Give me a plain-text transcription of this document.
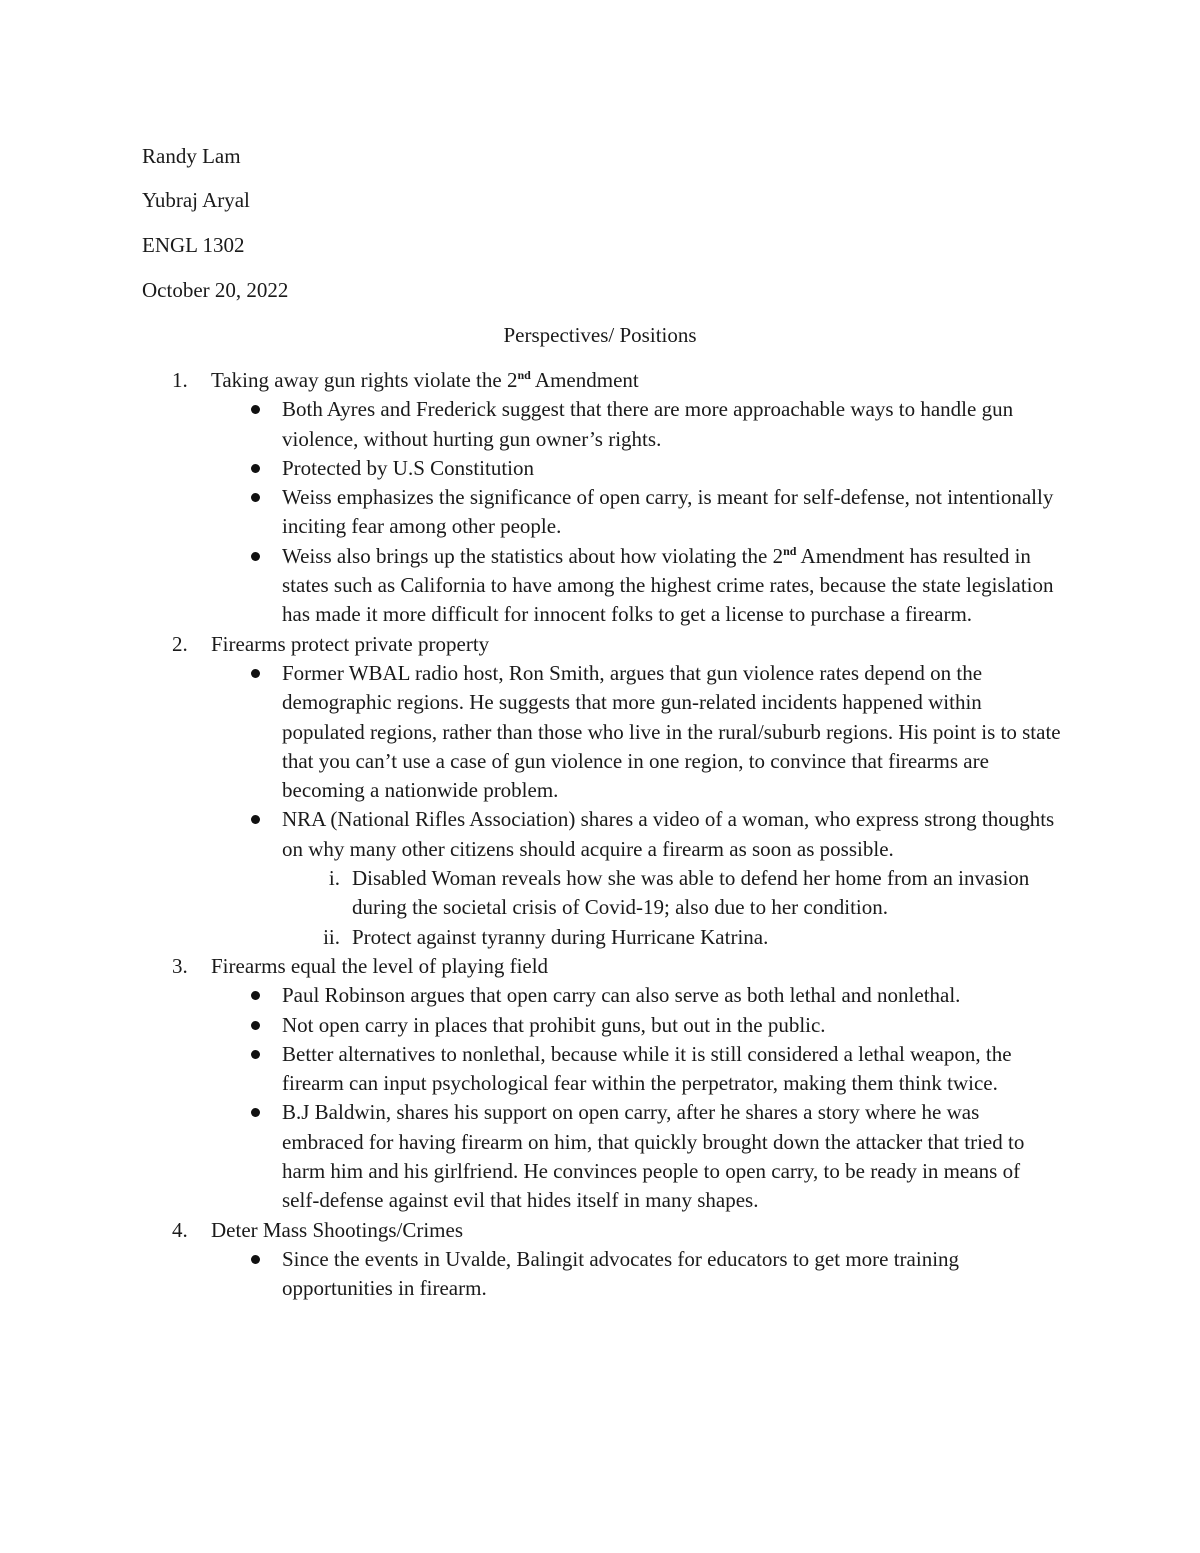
Randy Lam
Yubraj Aryal
ENGL 1302
October 20, 2022
Perspectives/ Positions
1.	Taking away gun rights violate the 2nd Amendment
Both Ayres and Frederick suggest that there are more approachable ways to handle gun violence, without hurting gun owner’s rights.
Protected by U.S Constitution
Weiss emphasizes the significance of open carry, is meant for self-defense, not intentionally inciting fear among other people.
Weiss also brings up the statistics about how violating the 2nd Amendment has resulted in states such as California to have among the highest crime rates, because the state legislation has made it more difficult for innocent folks to get a license to purchase a firearm.
2.	Firearms protect private property
Former WBAL radio host, Ron Smith, argues that gun violence rates depend on the demographic regions. He suggests that more gun-related incidents happened within populated regions, rather than those who live in the rural/suburb regions. His point is to state that you can’t use a case of gun violence in one region, to convince that firearms are becoming a nationwide problem.
NRA (National Rifles Association) shares a video of a woman, who express strong thoughts on why many other citizens should acquire a firearm as soon as possible.
i. Disabled Woman reveals how she was able to defend her home from an invasion during the societal crisis of Covid-19; also due to her condition.
ii. Protect against tyranny during Hurricane Katrina.
3.	Firearms equal the level of playing field
Paul Robinson argues that open carry can also serve as both lethal and nonlethal.
Not open carry in places that prohibit guns, but out in the public.
Better alternatives to nonlethal, because while it is still considered a lethal weapon, the firearm can input psychological fear within the perpetrator, making them think twice.
B.J Baldwin, shares his support on open carry, after he shares a story where he was embraced for having firearm on him, that quickly brought down the attacker that tried to harm him and his girlfriend. He convinces people to open carry, to be ready in means of self-defense against evil that hides itself in many shapes.
4.	Deter Mass Shootings/Crimes
Since the events in Uvalde, Balingit advocates for educators to get more training opportunities in firearm.
